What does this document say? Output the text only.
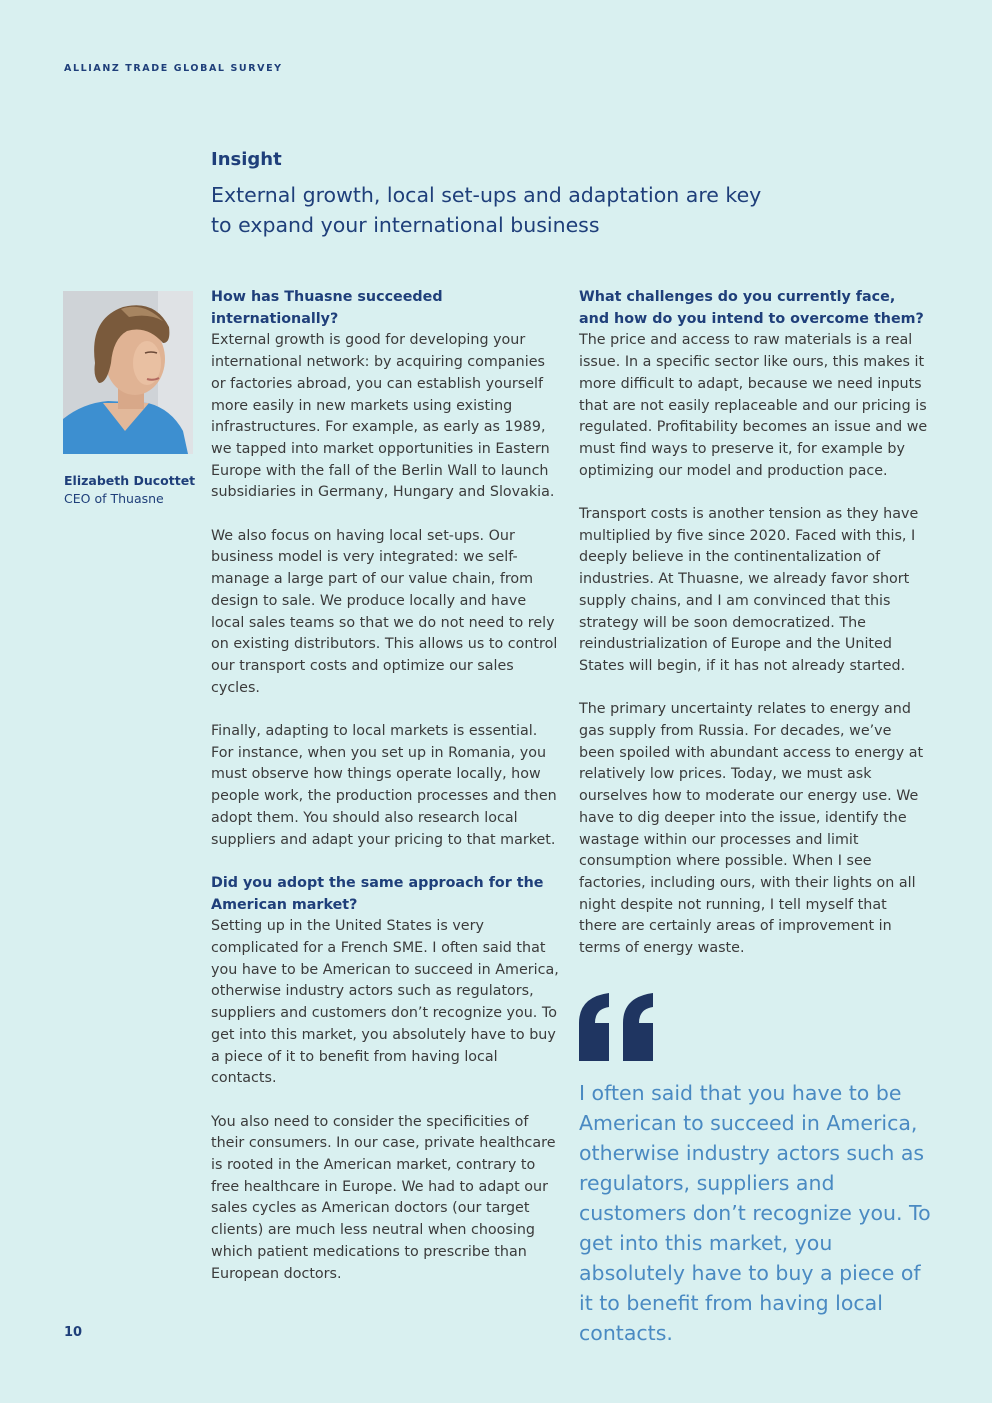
ALLIANZ TRADE GLOBAL SURVEY
Insight
External growth, local set-ups and adaptation are key to expand your international business
Elizabeth Ducottet
CEO of Thuasne
How has Thuasne succeeded internationally?
External growth is good for developing your international network: by acquiring companies or factories abroad, you can establish yourself more easily in new markets using existing infrastructures. For example, as early as 1989, we tapped into market opportunities in Eastern Europe with the fall of the Berlin Wall to launch subsidiaries in Germany, Hungary and Slovakia.
We also focus on having local set-ups. Our business model is very integrated: we self-manage a large part of our value chain, from design to sale. We produce locally and have local sales teams so that we do not need to rely on existing distributors. This allows us to control our transport costs and optimize our sales cycles.
Finally, adapting to local markets is essential. For instance, when you set up in Romania, you must observe how things operate locally, how people work, the production processes and then adopt them. You should also research local suppliers and adapt your pricing to that market.
Did you adopt the same approach for the American market?
Setting up in the United States is very complicated for a French SME. I often said that you have to be American to succeed in America, otherwise industry actors such as regulators, suppliers and customers don’t recognize you. To get into this market, you absolutely have to buy a piece of it to benefit from having local contacts.
You also need to consider the specificities of their consumers. In our case, private healthcare is rooted in the American market, contrary to free healthcare in Europe. We had to adapt our sales cycles as American doctors (our target clients) are much less neutral when choosing which patient medications to prescribe than European doctors.
What challenges do you currently face, and how do you intend to overcome them?
The price and access to raw materials is a real issue. In a specific sector like ours, this makes it more difficult to adapt, because we need inputs that are not easily replaceable and our pricing is regulated. Profitability becomes an issue and we must find ways to preserve it, for example by optimizing our model and production pace.
Transport costs is another tension as they have multiplied by five since 2020. Faced with this, I deeply believe in the continentalization of industries. At Thuasne, we already favor short supply chains, and I am convinced that this strategy will be soon democratized. The reindustrialization of Europe and the United States will begin, if it has not already started.
The primary uncertainty relates to energy and gas supply from Russia. For decades, we’ve been spoiled with abundant access to energy at relatively low prices. Today, we must ask ourselves how to moderate our energy use. We have to dig deeper into the issue, identify the wastage within our processes and limit consumption where possible. When I see factories, including ours, with their lights on all night despite not running, I tell myself that there are certainly areas of improvement in terms of energy waste.
I often said that you have to be American to succeed in America, otherwise industry actors such as regulators, suppliers and customers don’t recognize you. To get into this market, you absolutely have to buy a piece of it to benefit from having local contacts.
10
